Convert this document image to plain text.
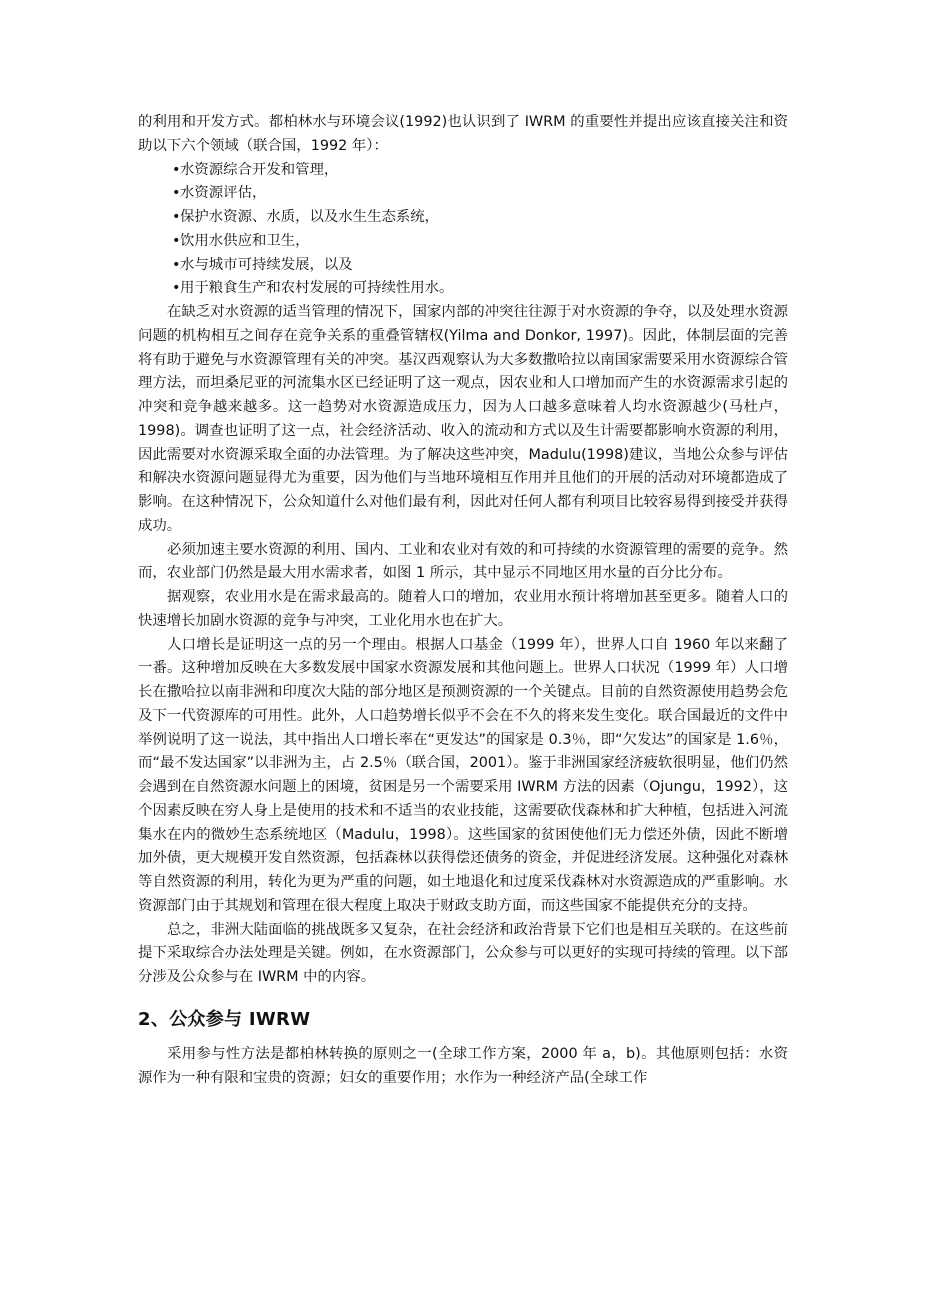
的利用和开发方式。都柏林水与环境会议(1992)也认识到了 IWRM 的重要性并提出应该直接关注和资助以下六个领域（联合国，1992 年）：

•水资源综合开发和管理，
•水资源评估，
•保护水资源、水质，以及水生生态系统，
•饮用水供应和卫生，
•水与城市可持续发展，以及
•用于粮食生产和农村发展的可持续性用水。

在缺乏对水资源的适当管理的情况下，国家内部的冲突往往源于对水资源的争夺，以及处理水资源问题的机构相互之间存在竞争关系的重叠管辖权(Yilma and Donkor, 1997)。因此，体制层面的完善将有助于避免与水资源管理有关的冲突。基汉西观察认为大多数撒哈拉以南国家需要采用水资源综合管理方法，而坦桑尼亚的河流集水区已经证明了这一观点，因农业和人口增加而产生的水资源需求引起的冲突和竞争越来越多。这一趋势对水资源造成压力，因为人口越多意味着人均水资源越少(马杜卢，1998)。调查也证明了这一点，社会经济活动、收入的流动和方式以及生计需要都影响水资源的利用，因此需要对水资源采取全面的办法管理。为了解决这些冲突，Madulu(1998)建议，当地公众参与评估和解决水资源问题显得尤为重要，因为他们与当地环境相互作用并且他们的开展的活动对环境都造成了影响。在这种情况下，公众知道什么对他们最有利，因此对任何人都有利项目比较容易得到接受并获得成功。

必须加速主要水资源的利用、国内、工业和农业对有效的和可持续的水资源管理的需要的竞争。然而，农业部门仍然是最大用水需求者，如图 1 所示，其中显示不同地区用水量的百分比分布。

据观察，农业用水是在需求最高的。随着人口的增加，农业用水预计将增加甚至更多。随着人口的快速增长加剧水资源的竞争与冲突，工业化用水也在扩大。

人口增长是证明这一点的另一个理由。根据人口基金（1999 年），世界人口自 1960 年以来翻了一番。这种增加反映在大多数发展中国家水资源发展和其他问题上。世界人口状况（1999 年）人口增长在撒哈拉以南非洲和印度次大陆的部分地区是预测资源的一个关键点。目前的自然资源使用趋势会危及下一代资源库的可用性。此外，人口趋势增长似乎不会在不久的将来发生变化。联合国最近的文件中举例说明了这一说法，其中指出人口增长率在“更发达”的国家是 0.3％，即“欠发达”的国家是 1.6％，而“最不发达国家”以非洲为主，占 2.5％（联合国，2001）。鉴于非洲国家经济疲软很明显，他们仍然会遇到在自然资源水问题上的困境，贫困是另一个需要采用 IWRM 方法的因素（Ojungu，1992），这个因素反映在穷人身上是使用的技术和不适当的农业技能，这需要砍伐森林和扩大种植，包括进入河流集水在内的微妙生态系统地区（Madulu，1998）。这些国家的贫困使他们无力偿还外债，因此不断增加外债，更大规模开发自然资源，包括森林以获得偿还债务的资金，并促进经济发展。这种强化对森林等自然资源的利用，转化为更为严重的问题，如土地退化和过度采伐森林对水资源造成的严重影响。水资源部门由于其规划和管理在很大程度上取决于财政支助方面，而这些国家不能提供充分的支持。

总之，非洲大陆面临的挑战既多又复杂，在社会经济和政治背景下它们也是相互关联的。在这些前提下采取综合办法处理是关键。例如，在水资源部门，公众参与可以更好的实现可持续的管理。以下部分涉及公众参与在 IWRM 中的内容。

2、公众参与 IWRW

采用参与性方法是都柏林转换的原则之一(全球工作方案，2000 年 a，b)。其他原则包括：水资源作为一种有限和宝贵的资源；妇女的重要作用；水作为一种经济产品(全球工作
